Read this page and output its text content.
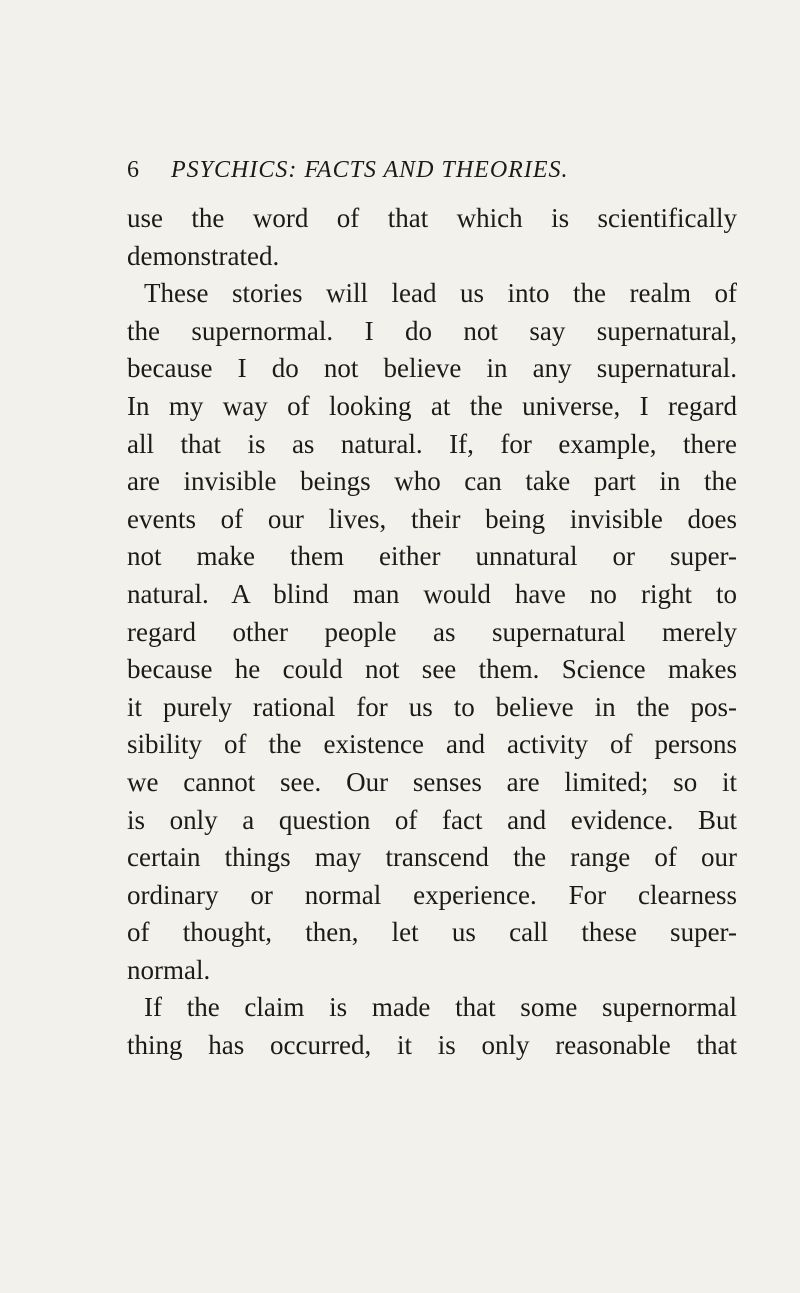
6 PSYCHICS: FACTS AND THEORIES.
use the word of that which is scientifically
demonstrated.
These stories will lead us into the realm of
the supernormal. I do not say supernatural,
because I do not believe in any supernatural.
In my way of looking at the universe, I regard
all that is as natural. If, for example, there
are invisible beings who can take part in the
events of our lives, their being invisible does
not make them either unnatural or super-
natural. A blind man would have no right to
regard other people as supernatural merely
because he could not see them. Science makes
it purely rational for us to believe in the pos-
sibility of the existence and activity of persons
we cannot see. Our senses are limited; so it
is only a question of fact and evidence. But
certain things may transcend the range of our
ordinary or normal experience. For clearness
of thought, then, let us call these super-
normal.
If the claim is made that some supernormal
thing has occurred, it is only reasonable that
